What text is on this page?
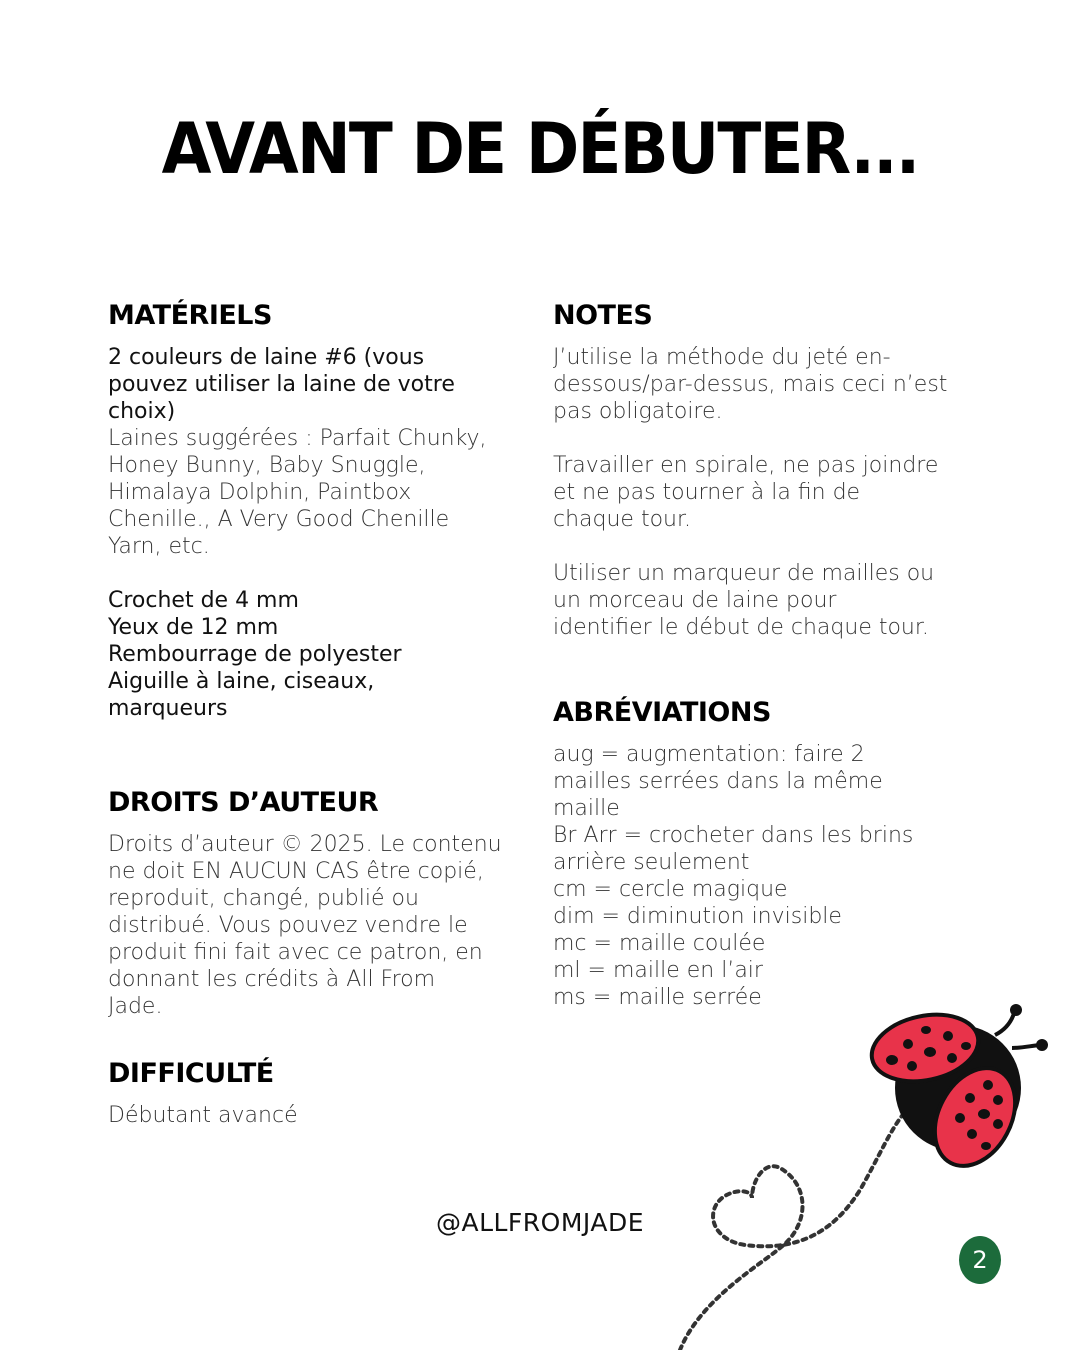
AVANT DE DÉBUTER...
MATÉRIELS

2 couleurs de laine #6 (vous
pouvez utiliser la laine de votre
choix)

Laines suggérées : Parfait Chunky,
Honey Bunny, Baby Snuggle,
Himalaya Dolphin, Paintbox
Chenille., A Very Good Chenille
Yarn, etc.

Crochet de 4 mm
Yeux de 12 mm
Rembourrage de polyester
Aiguille à laine, ciseaux,
marqueurs

DROITS D’AUTEUR

Droits d’auteur © 2025. Le contenu
ne doit EN AUCUN CAS être copié,
reproduit, changé, publié ou
distribué. Vous pouvez vendre le
produit fini fait avec ce patron, en
donnant les crédits à All From
Jade.

DIFFICULTÉ

Débutant avancé

NOTES

J’utilise la méthode du jeté en-
dessous/par-dessus, mais ceci n’est
pas obligatoire.

Travailler en spirale, ne pas joindre
et ne pas tourner à la fin de
chaque tour.

Utiliser un marqueur de mailles ou
un morceau de laine pour
identifier le début de chaque tour.

ABRÉVIATIONS

aug = augmentation: faire 2
mailles serrées dans la même
maille
Br Arr = crocheter dans les brins
arrière seulement
cm = cercle magique
dim = diminution invisible
mc = maille coulée
ml = maille en l’air
ms = maille serrée

@ALLFROMJADE
2
